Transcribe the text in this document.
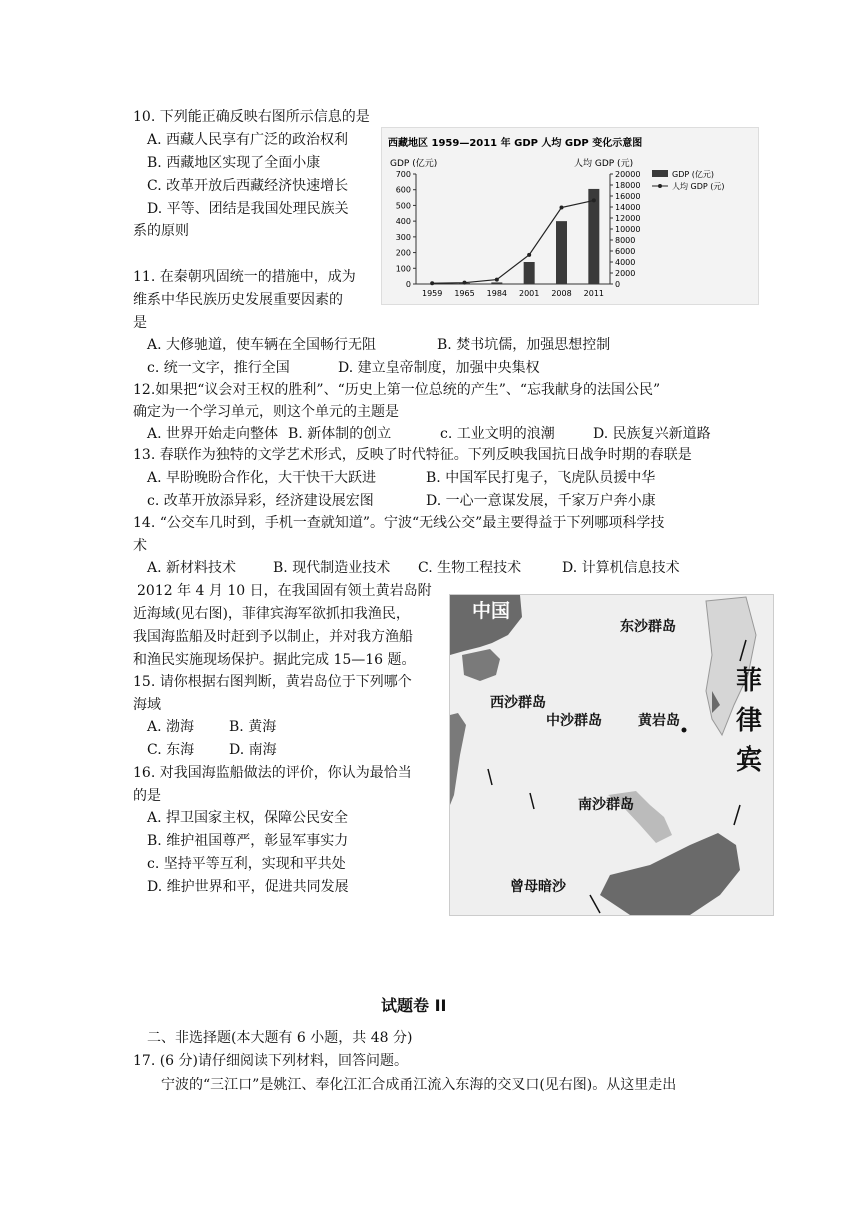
10. 下列能正确反映右图所示信息的是
A. 西藏人民享有广泛的政治权利
B. 西藏地区实现了全面小康
C. 改革开放后西藏经济快速增长
D. 平等、团结是我国处理民族关
系的原则
西藏地区 1959—2011 年 GDP 人均 GDP 变化示意图
GDP (亿元)	人均 GDP (元)
0
100
200
300
400
500
600
700
0
2000
4000
6000
8000
10000
12000
14000
16000
18000
20000
1959 1965 1984 2001 2008 2011
GDP (亿元)
人均 GDP (元)
11. 在秦朝巩固统一的措施中，成为
维系中华民族历史发展重要因素的
是
A. 大修驰道，使车辆在全国畅行无阻	B. 焚书坑儒，加强思想控制
c. 统一文字，推行全国	D. 建立皇帝制度，加强中央集权
12.如果把“议会对王权的胜利”、“历史上第一位总统的产生”、“忘我献身的法国公民”
确定为一个学习单元，则这个单元的主题是
A. 世界开始走向整体 B. 新体制的创立	c. 工业文明的浪潮	D. 民族复兴新道路
13. 春联作为独特的文学艺术形式，反映了时代特征。下列反映我国抗日战争时期的春联是
A. 早盼晚盼合作化，大干快干大跃进	B. 中国军民打鬼子，飞虎队员援中华
c. 改革开放添异彩，经济建设展宏图	D. 一心一意谋发展，千家万户奔小康
14. “公交车几时到，手机一查就知道”。宁波“无线公交”最主要得益于下列哪项科学技
术
A. 新材料技术	B. 现代制造业技术 C. 生物工程技术	D. 计算机信息技术
2012 年 4 月 10 日，在我国固有领土黄岩岛附
近海域(见右图)，菲律宾海军欲抓扣我渔民，
我国海监船及时赶到予以制止，并对我方渔船
和渔民实施现场保护。据此完成 15—16 题。
15. 请你根据右图判断，黄岩岛位于下列哪个
海域
A. 渤海 B. 黄海
C. 东海 D. 南海
16. 对我国海监船做法的评价，你认为最恰当
的是
A. 捍卫国家主权，保障公民安全
B. 维护祖国尊严，彰显军事实力
c. 坚持平等互利，实现和平共处
D. 维护世界和平，促进共同发展
中国
东沙群岛
西沙群岛
中沙群岛	黄岩岛
菲
律
宾
南沙群岛
曾母暗沙
试题卷 II
二、非选择题(本大题有 6 小题，共 48 分)
17. (6 分)请仔细阅读下列材料，回答问题。
宁波的“三江口”是姚江、奉化江汇合成甬江流入东海的交叉口(见右图)。从这里走出
